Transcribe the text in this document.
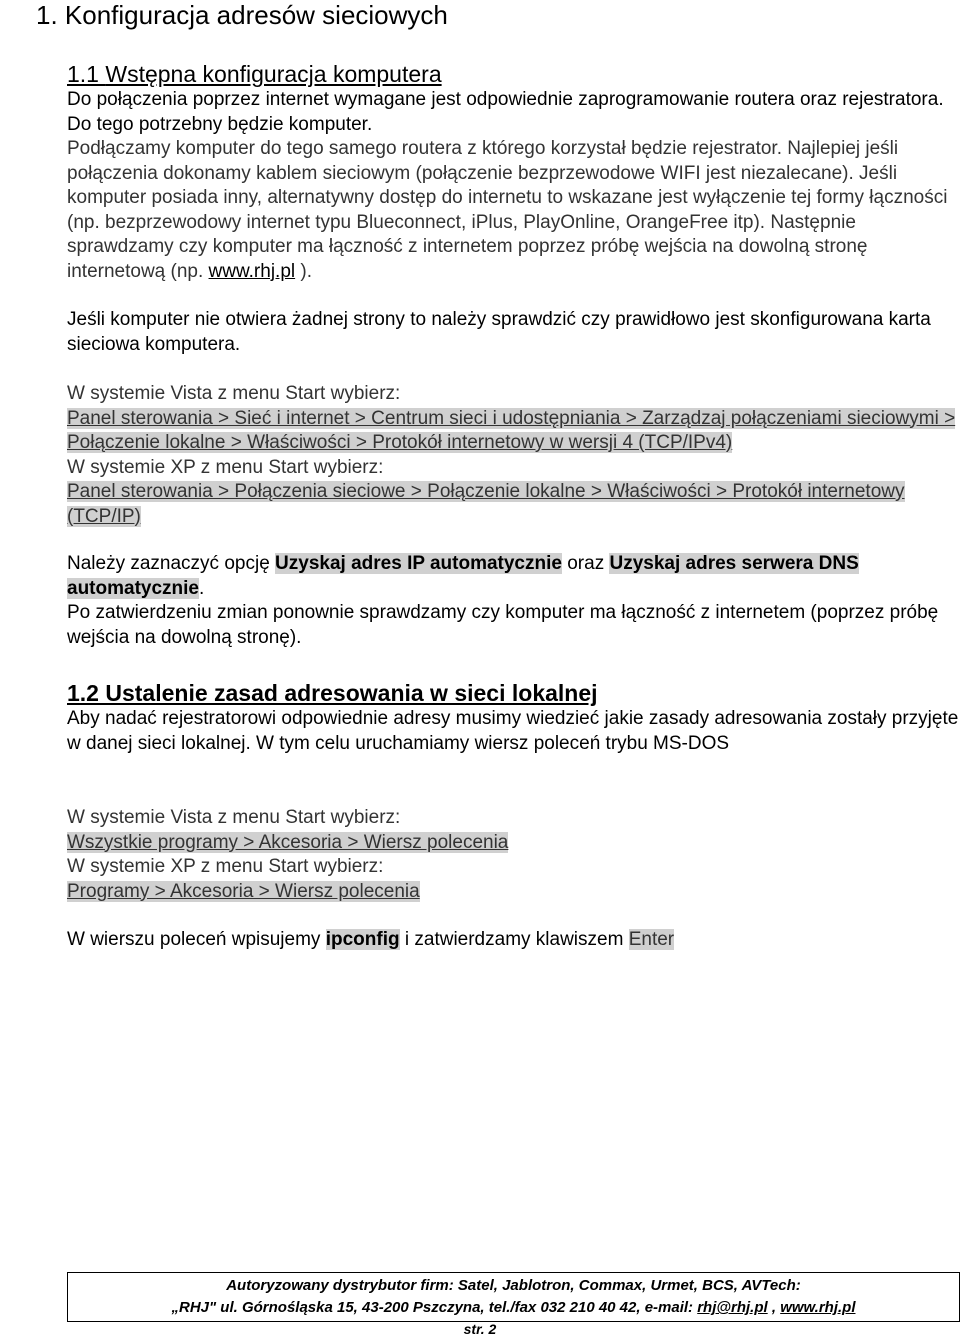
1. Konfiguracja adresów sieciowych
1.1 Wstępna konfiguracja komputera

Do połączenia poprzez internet wymagane jest odpowiednie zaprogramowanie routera oraz rejestratora. Do tego potrzebny będzie komputer.

Podłączamy komputer do tego samego routera z którego korzystał będzie rejestrator. Najlepiej jeśli połączenia dokonamy kablem sieciowym (połączenie bezprzewodowe WIFI jest niezalecane). Jeśli komputer posiada inny, alternatywny dostęp do internetu to wskazane jest wyłączenie tej formy łączności (np. bezprzewodowy internet typu Blueconnect, iPlus, PlayOnline, OrangeFree itp). Następnie sprawdzamy czy komputer ma łączność z internetem poprzez próbę wejścia na dowolną stronę internetową (np. www.rhj.pl ).

Jeśli komputer nie otwiera żadnej strony to należy sprawdzić czy prawidłowo jest skonfigurowana karta sieciowa komputera.

W systemie Vista z menu Start wybierz:

Panel sterowania > Sieć i internet > Centrum sieci i udostępniania > Zarządzaj połączeniami sieciowymi > Połączenie lokalne > Właściwości > Protokół internetowy w wersji 4 (TCP/IPv4)

W systemie XP z menu Start wybierz:

Panel sterowania > Połączenia sieciowe > Połączenie lokalne > Właściwości > Protokół internetowy (TCP/IP)

Należy zaznaczyć opcję Uzyskaj adres IP automatycznie oraz Uzyskaj adres serwera DNS automatycznie.

Po zatwierdzeniu zmian ponownie sprawdzamy czy komputer ma łączność z internetem (poprzez próbę wejścia na dowolną stronę).

1.2 Ustalenie zasad adresowania w sieci lokalnej

Aby nadać rejestratorowi odpowiednie adresy musimy wiedzieć jakie zasady adresowania zostały przyjęte w danej sieci lokalnej. W tym celu uruchamiamy wiersz poleceń trybu MS-DOS

W systemie Vista z menu Start wybierz:

Wszystkie programy > Akcesoria > Wiersz polecenia

W systemie XP z menu Start wybierz:

Programy > Akcesoria > Wiersz polecenia

W wierszu poleceń wpisujemy ipconfig i zatwierdzamy klawiszem Enter

Autoryzowany dystrybutor firm: Satel, Jablotron, Commax, Urmet, BCS, AVTech:
„RHJ" ul. Górnośląska 15, 43-200 Pszczyna, tel./fax 032 210 40 42, e-mail: rhj@rhj.pl , www.rhj.pl
str. 2
